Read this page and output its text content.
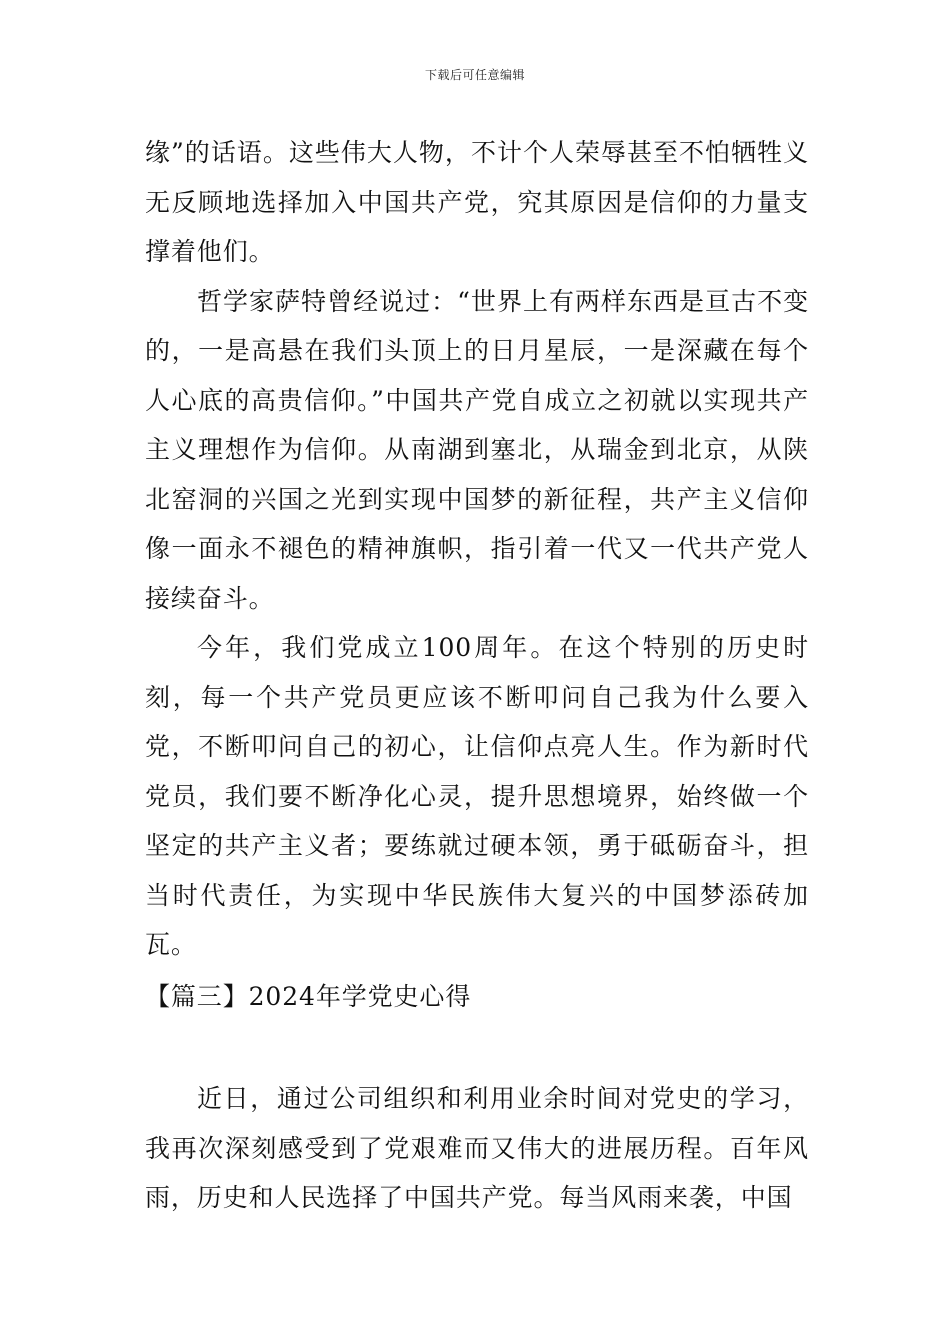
下载后可任意编辑

缘”的话语。这些伟大人物，不计个人荣辱甚至不怕牺牲义无反顾地选择加入中国共产党，究其原因是信仰的力量支撑着他们。

哲学家萨特曾经说过：“世界上有两样东西是亘古不变的，一是高悬在我们头顶上的日月星辰，一是深藏在每个人心底的高贵信仰。”中国共产党自成立之初就以实现共产主义理想作为信仰。从南湖到塞北，从瑞金到北京，从陕北窑洞的兴国之光到实现中国梦的新征程，共产主义信仰像一面永不褪色的精神旗帜，指引着一代又一代共产党人接续奋斗。

今年，我们党成立100周年。在这个特别的历史时刻，每一个共产党员更应该不断叩问自己我为什么要入党，不断叩问自己的初心，让信仰点亮人生。作为新时代党员，我们要不断净化心灵，提升思想境界，始终做一个坚定的共产主义者；要练就过硬本领，勇于砥砺奋斗，担当时代责任，为实现中华民族伟大复兴的中国梦添砖加瓦。

【篇三】2024年学党史心得

近日，通过公司组织和利用业余时间对党史的学习，我再次深刻感受到了党艰难而又伟大的进展历程。百年风雨，历史和人民选择了中国共产党。每当风雨来袭，中国
